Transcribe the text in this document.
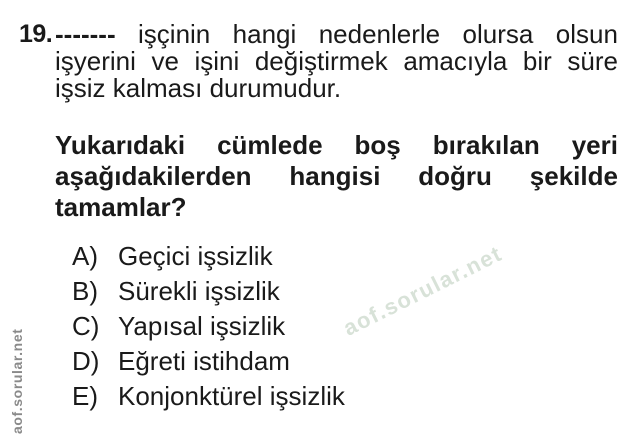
19. ------- işçinin hangi nedenlerle olursa olsun
işyerini ve işini değiştirmek amacıyla bir süre
işsiz kalması durumudur.
Yukarıdaki cümlede boş bırakılan yeri
aşağıdakilerden hangisi doğru şekilde
tamamlar?
A) Geçici işsizlik
B) Sürekli işsizlik
C) Yapısal işsizlik
D) Eğreti istihdam
E) Konjonktürel işsizlik
aof.sorular.net
aof.sorular.net
